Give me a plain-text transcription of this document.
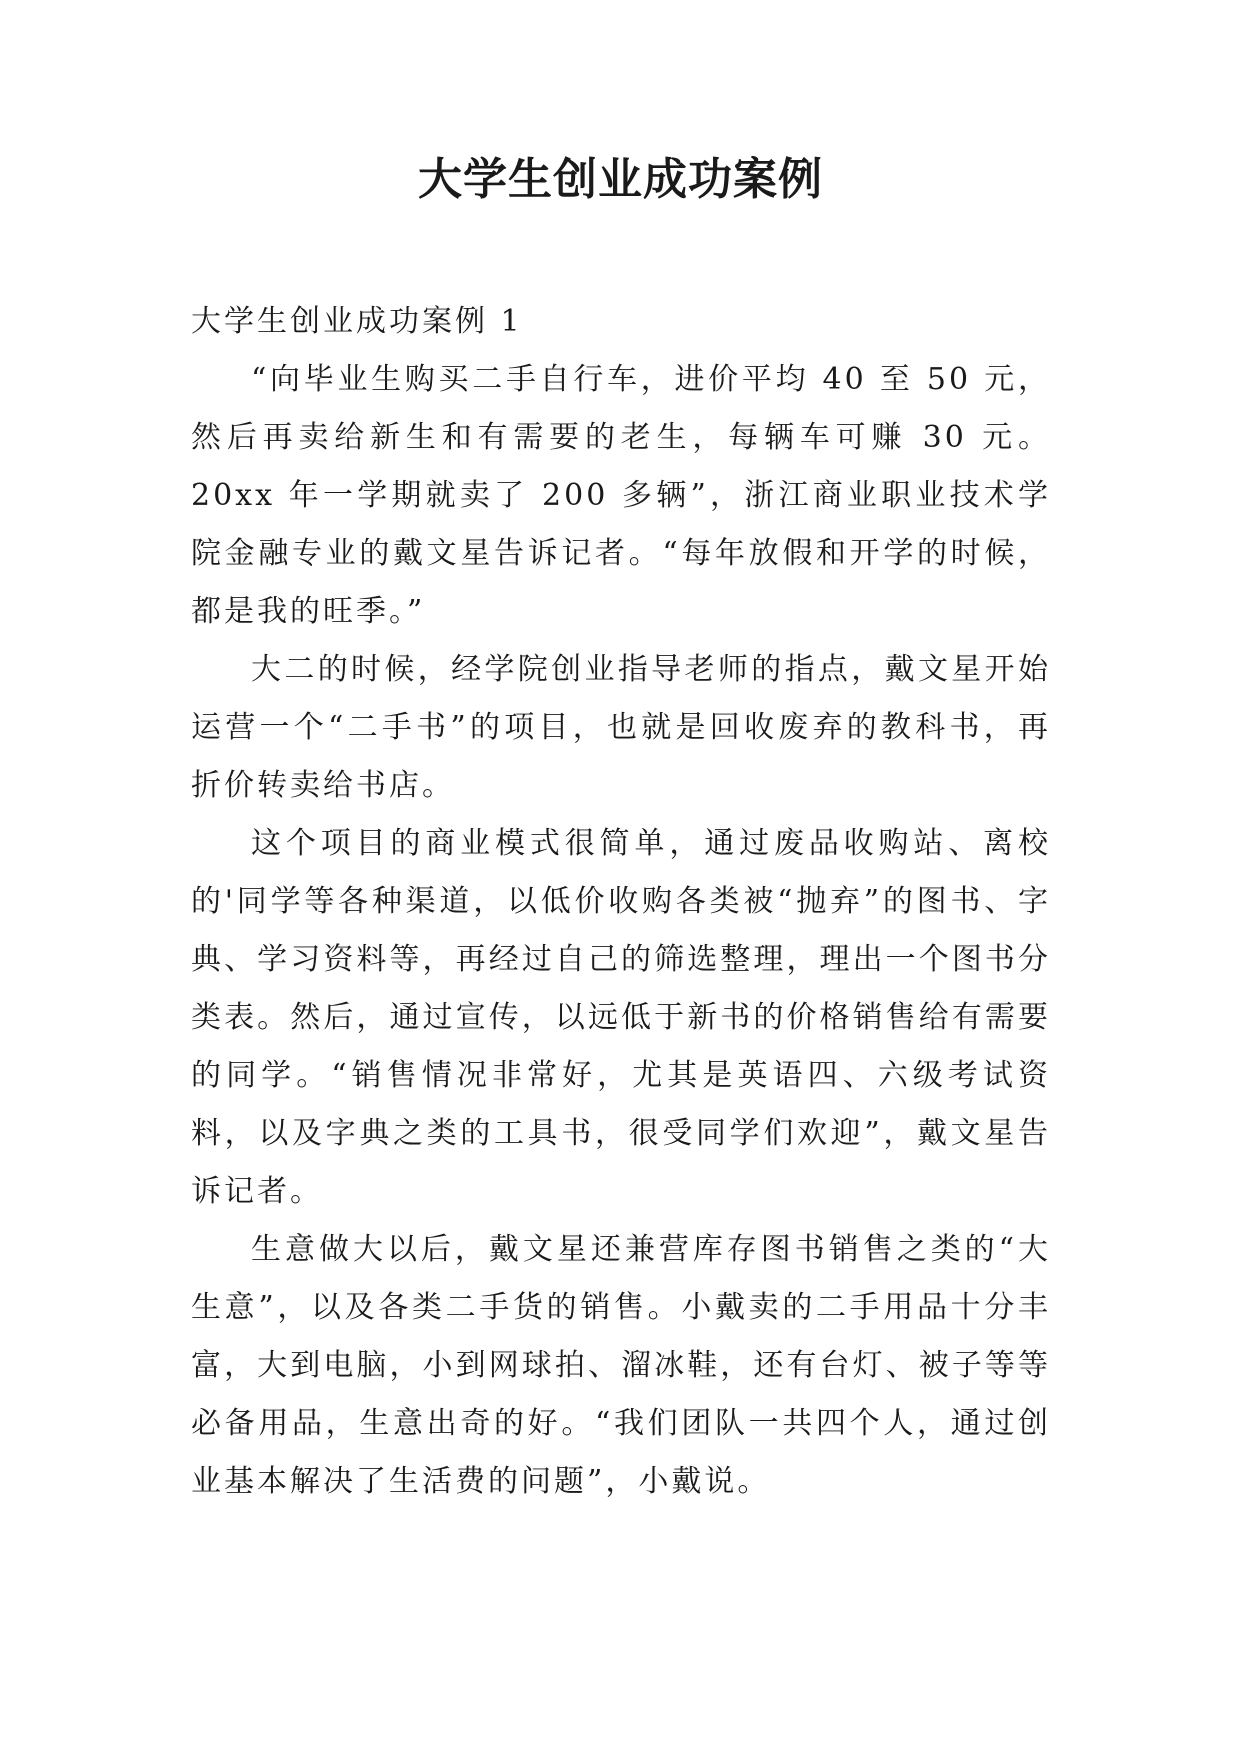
大学生创业成功案例

大学生创业成功案例 1

“向毕业生购买二手自行车，进价平均 40 至 50 元，然后再卖给新生和有需要的老生，每辆车可赚 30 元。20xx 年一学期就卖了 200 多辆”，浙江商业职业技术学院金融专业的戴文星告诉记者。“每年放假和开学的时候，都是我的旺季。”

大二的时候，经学院创业指导老师的指点，戴文星开始运营一个“二手书”的项目，也就是回收废弃的教科书，再折价转卖给书店。

这个项目的商业模式很简单，通过废品收购站、离校的'同学等各种渠道，以低价收购各类被“抛弃”的图书、字典、学习资料等，再经过自己的筛选整理，理出一个图书分类表。然后，通过宣传，以远低于新书的价格销售给有需要的同学。“销售情况非常好，尤其是英语四、六级考试资料，以及字典之类的工具书，很受同学们欢迎”，戴文星告诉记者。

生意做大以后，戴文星还兼营库存图书销售之类的“大生意”，以及各类二手货的销售。小戴卖的二手用品十分丰富，大到电脑，小到网球拍、溜冰鞋，还有台灯、被子等等必备用品，生意出奇的好。“我们团队一共四个人，通过创业基本解决了生活费的问题”，小戴说。
